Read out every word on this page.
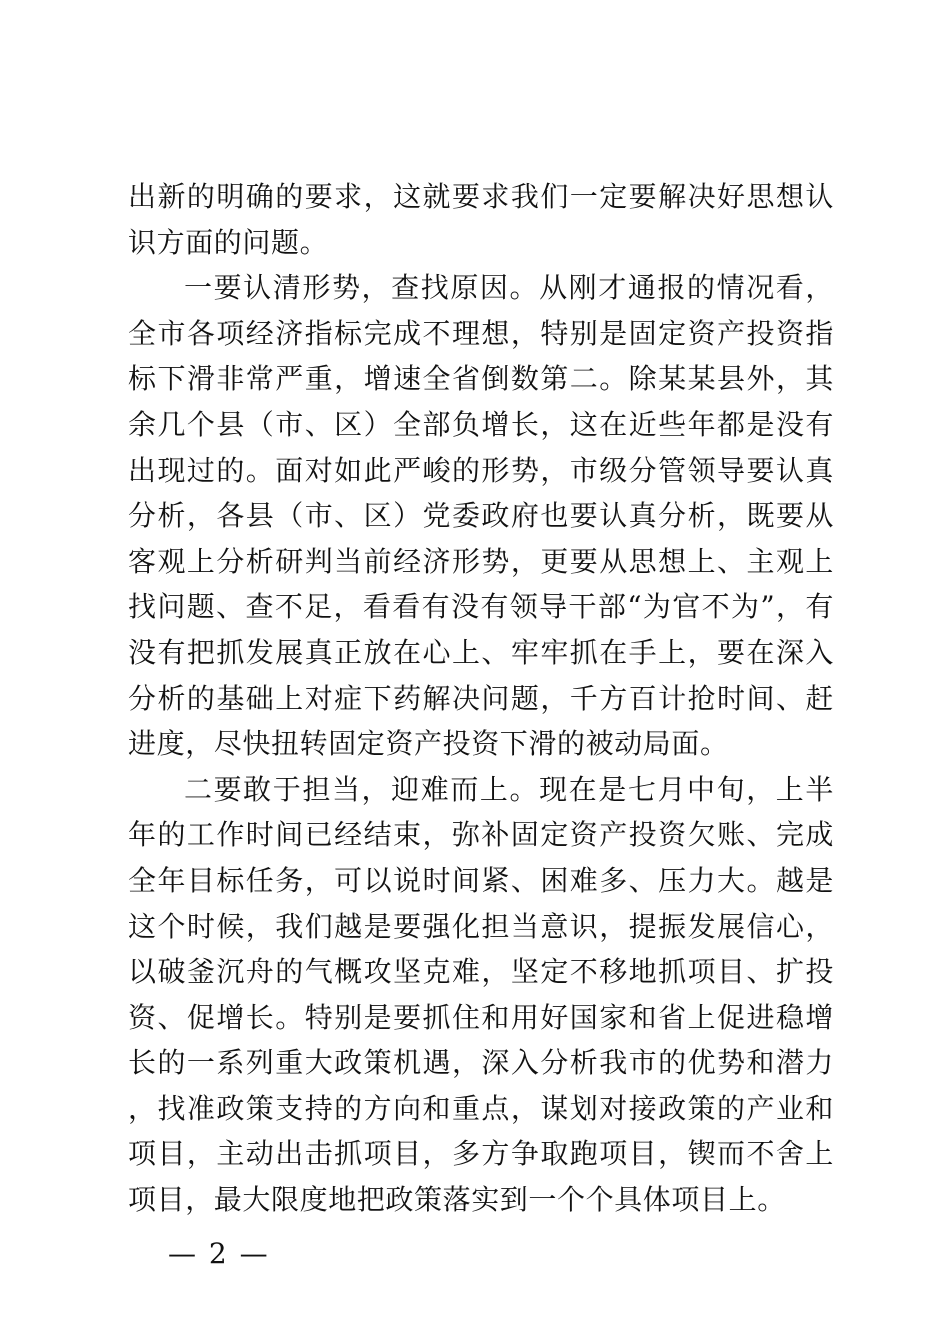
出新的明确的要求，这就要求我们一定要解决好思想认识方面的问题。

一要认清形势，查找原因。从刚才通报的情况看，全市各项经济指标完成不理想，特别是固定资产投资指标下滑非常严重，增速全省倒数第二。除某某县外，其余几个县（市、区）全部负增长，这在近些年都是没有出现过的。面对如此严峻的形势，市级分管领导要认真分析，各县（市、区）党委政府也要认真分析，既要从客观上分析研判当前经济形势，更要从思想上、主观上找问题、查不足，看看有没有领导干部“为官不为”，有没有把抓发展真正放在心上、牢牢抓在手上，要在深入分析的基础上对症下药解决问题，千方百计抢时间、赶进度，尽快扭转固定资产投资下滑的被动局面。

二要敢于担当，迎难而上。现在是七月中旬，上半年的工作时间已经结束，弥补固定资产投资欠账、完成全年目标任务，可以说时间紧、困难多、压力大。越是这个时候，我们越是要强化担当意识，提振发展信心，以破釜沉舟的气概攻坚克难，坚定不移地抓项目、扩投资、促增长。特别是要抓住和用好国家和省上促进稳增长的一系列重大政策机遇，深入分析我市的优势和潜力，找准政策支持的方向和重点，谋划对接政策的产业和项目，主动出击抓项目，多方争取跑项目，锲而不舍上项目，最大限度地把政策落实到一个个具体项目上。

— 2 —
